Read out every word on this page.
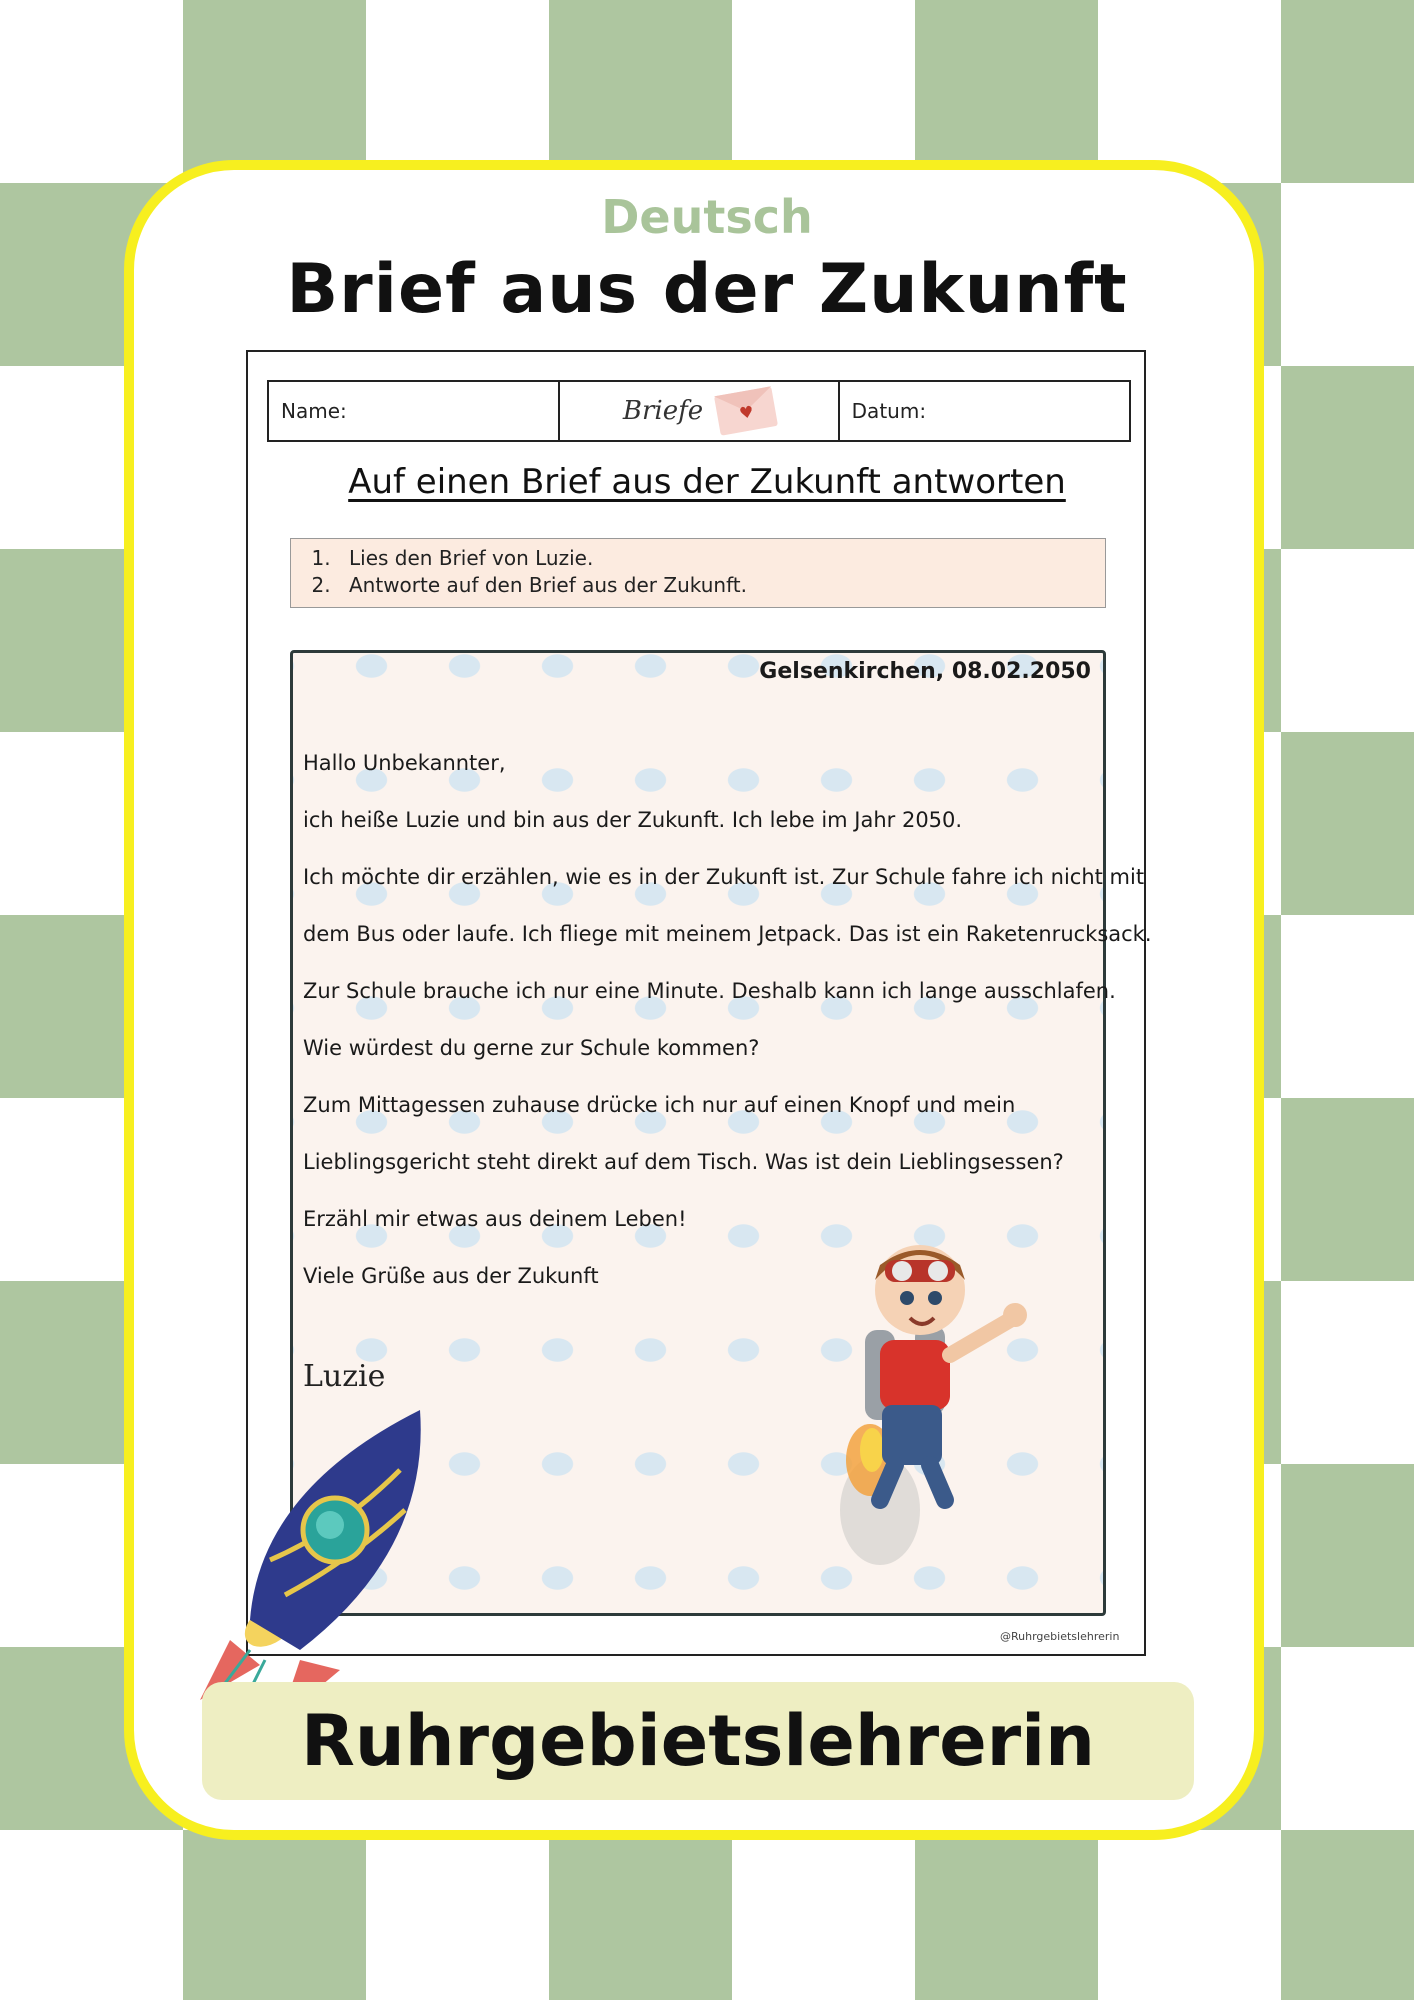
Deutsch
Brief aus der Zukunft
Name:	Briefe ♥	Datum:
Auf einen Brief aus der Zukunft antworten
1. Lies den Brief von Luzie.
2. Antworte auf den Brief aus der Zukunft.
Gelsenkirchen, 08.02.2050
Hallo Unbekannter,
ich heiße Luzie und bin aus der Zukunft. Ich lebe im Jahr 2050.
Ich möchte dir erzählen, wie es in der Zukunft ist. Zur Schule fahre ich nicht mit
dem Bus oder laufe. Ich fliege mit meinem Jetpack. Das ist ein Raketenrucksack.
Zur Schule brauche ich nur eine Minute. Deshalb kann ich lange ausschlafen.
Wie würdest du gerne zur Schule kommen?
Zum Mittagessen zuhause drücke ich nur auf einen Knopf und mein
Lieblingsgericht steht direkt auf dem Tisch. Was ist dein Lieblingsessen?
Erzähl mir etwas aus deinem Leben!
Viele Grüße aus der Zukunft
Luzie
@Ruhrgebietslehrerin
Ruhrgebietslehrerin
